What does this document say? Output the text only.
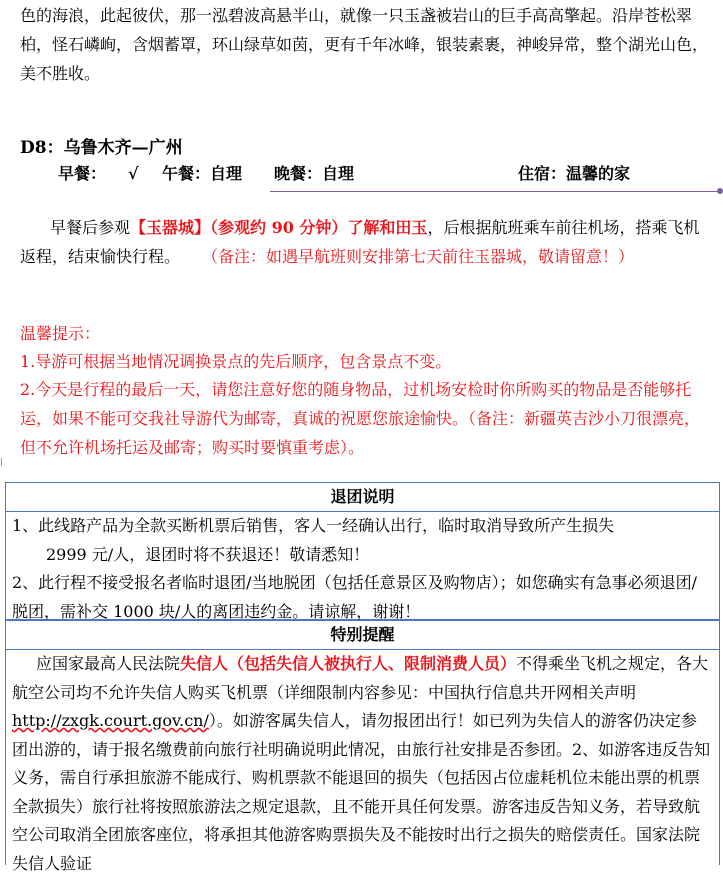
色的海浪，此起彼伏，那一泓碧波高悬半山，就像一只玉盏被岩山的巨手高高擎起。沿岸苍松翠柏，怪石嶙峋，含烟蓄罩，环山绿草如茵，更有千年冰峰，银装素裹，神峻异常，整个湖光山色，美不胜收。

D8：乌鲁木齐—广州
早餐： √ 午餐：自理 晚餐：自理	住宿：温馨的家

早餐后参观【玉器城】（参观约 90 分钟）了解和田玉，后根据航班乘车前往机场，搭乘飞机返程，结束愉快行程。 （备注：如遇早航班则安排第七天前往玉器城，敬请留意！）

温馨提示：

1.导游可根据当地情况调换景点的先后顺序，包含景点不变。

2.今天是行程的最后一天，请您注意好您的随身物品，过机场安检时你所购买的物品是否能够托运，如果不能可交我社导游代为邮寄，真诚的祝愿您旅途愉快。（备注：新疆英吉沙小刀很漂亮，但不允许机场托运及邮寄；购买时要慎重考虑）。

退团说明

1、此线路产品为全款买断机票后销售，客人一经确认出行，临时取消导致所产生损失

2999 元/人，退团时将不获退还！敬请悉知！

2、此行程不接受报名者临时退团/当地脱团（包括任意景区及购物店）；如您确实有急事必须退团/脱团，需补交 1000 块/人的离团违约金。请谅解，谢谢！

特别提醒

应国家最高人民法院失信人（包括失信人被执行人、限制消费人员）不得乘坐飞机之规定，各大航空公司均不允许失信人购买飞机票（详细限制内容参见：中国执行信息共开网相关声明 http://zxgk.court.gov.cn/）。如游客属失信人，请勿报团出行！如已列为失信人的游客仍决定参团出游的，请于报名缴费前向旅行社明确说明此情况，由旅行社安排是否参团。2、如游客违反告知义务，需自行承担旅游不能成行、购机票款不能退回的损失（包括因占位虚耗机位未能出票的机票全款损失）旅行社将按照旅游法之规定退款，且不能开具任何发票。游客违反告知义务，若导致航空公司取消全团旅客座位，将承担其他游客购票损失及不能按时出行之损失的赔偿责任。国家法院失信人验证
